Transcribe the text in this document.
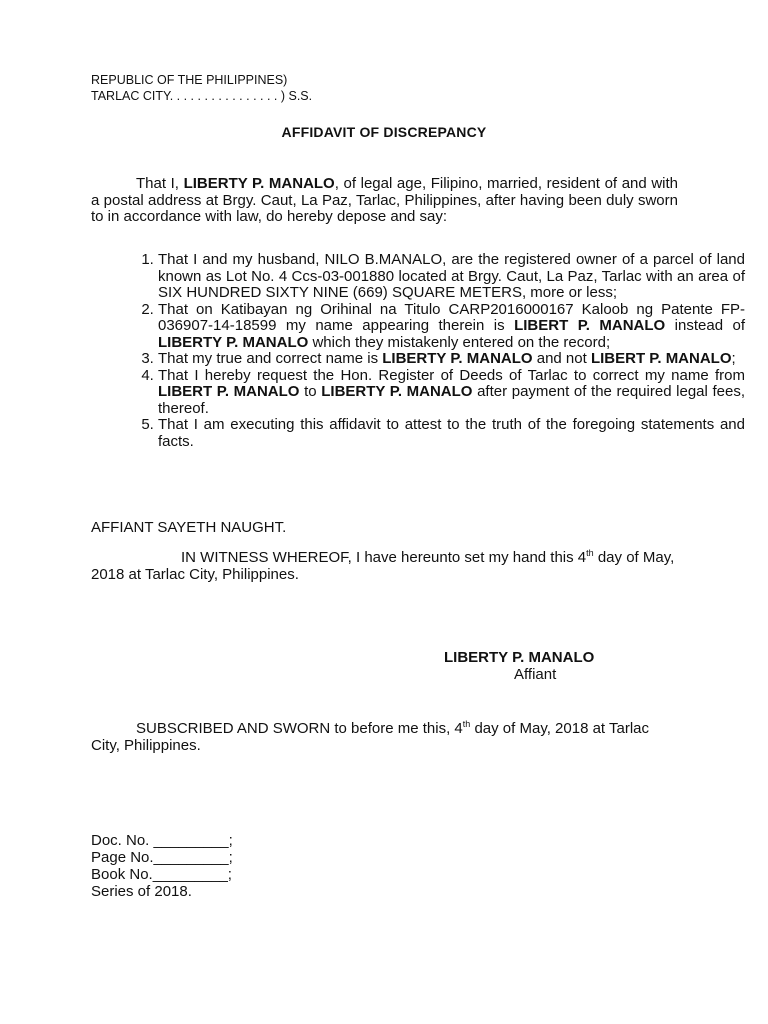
REPUBLIC OF THE PHILIPPINES)
TARLAC CITY. . . . . . . . . . . . . . . . ) S.S.
AFFIDAVIT OF DISCREPANCY
That I, LIBERTY P. MANALO, of legal age, Filipino, married, resident of and with a postal address at Brgy. Caut, La Paz, Tarlac, Philippines, after having been duly sworn to in accordance with law, do hereby depose and say:
1. That I and my husband, NILO B.MANALO, are the registered owner of a parcel of land known as Lot No. 4 Ccs-03-001880 located at Brgy. Caut, La Paz, Tarlac with an area of SIX HUNDRED SIXTY NINE (669) SQUARE METERS, more or less;
2. That on Katibayan ng Orihinal na Titulo CARP2016000167 Kaloob ng Patente FP-036907-14-18599 my name appearing therein is LIBERT P. MANALO instead of LIBERTY P. MANALO which they mistakenly entered on the record;
3. That my true and correct name is LIBERTY P. MANALO and not LIBERT P. MANALO;
4. That I hereby request the Hon. Register of Deeds of Tarlac to correct my name from LIBERT P. MANALO to LIBERTY P. MANALO after payment of the required legal fees, thereof.
5. That I am executing this affidavit to attest to the truth of the foregoing statements and facts.
AFFIANT SAYETH NAUGHT.
IN WITNESS WHEREOF, I have hereunto set my hand this 4th day of May, 2018 at Tarlac City, Philippines.
LIBERTY P. MANALO
Affiant
SUBSCRIBED AND SWORN to before me this, 4th day of May, 2018 at Tarlac City, Philippines.
Doc. No. _________;
Page No._________;
Book No._________;
Series of 2018.
